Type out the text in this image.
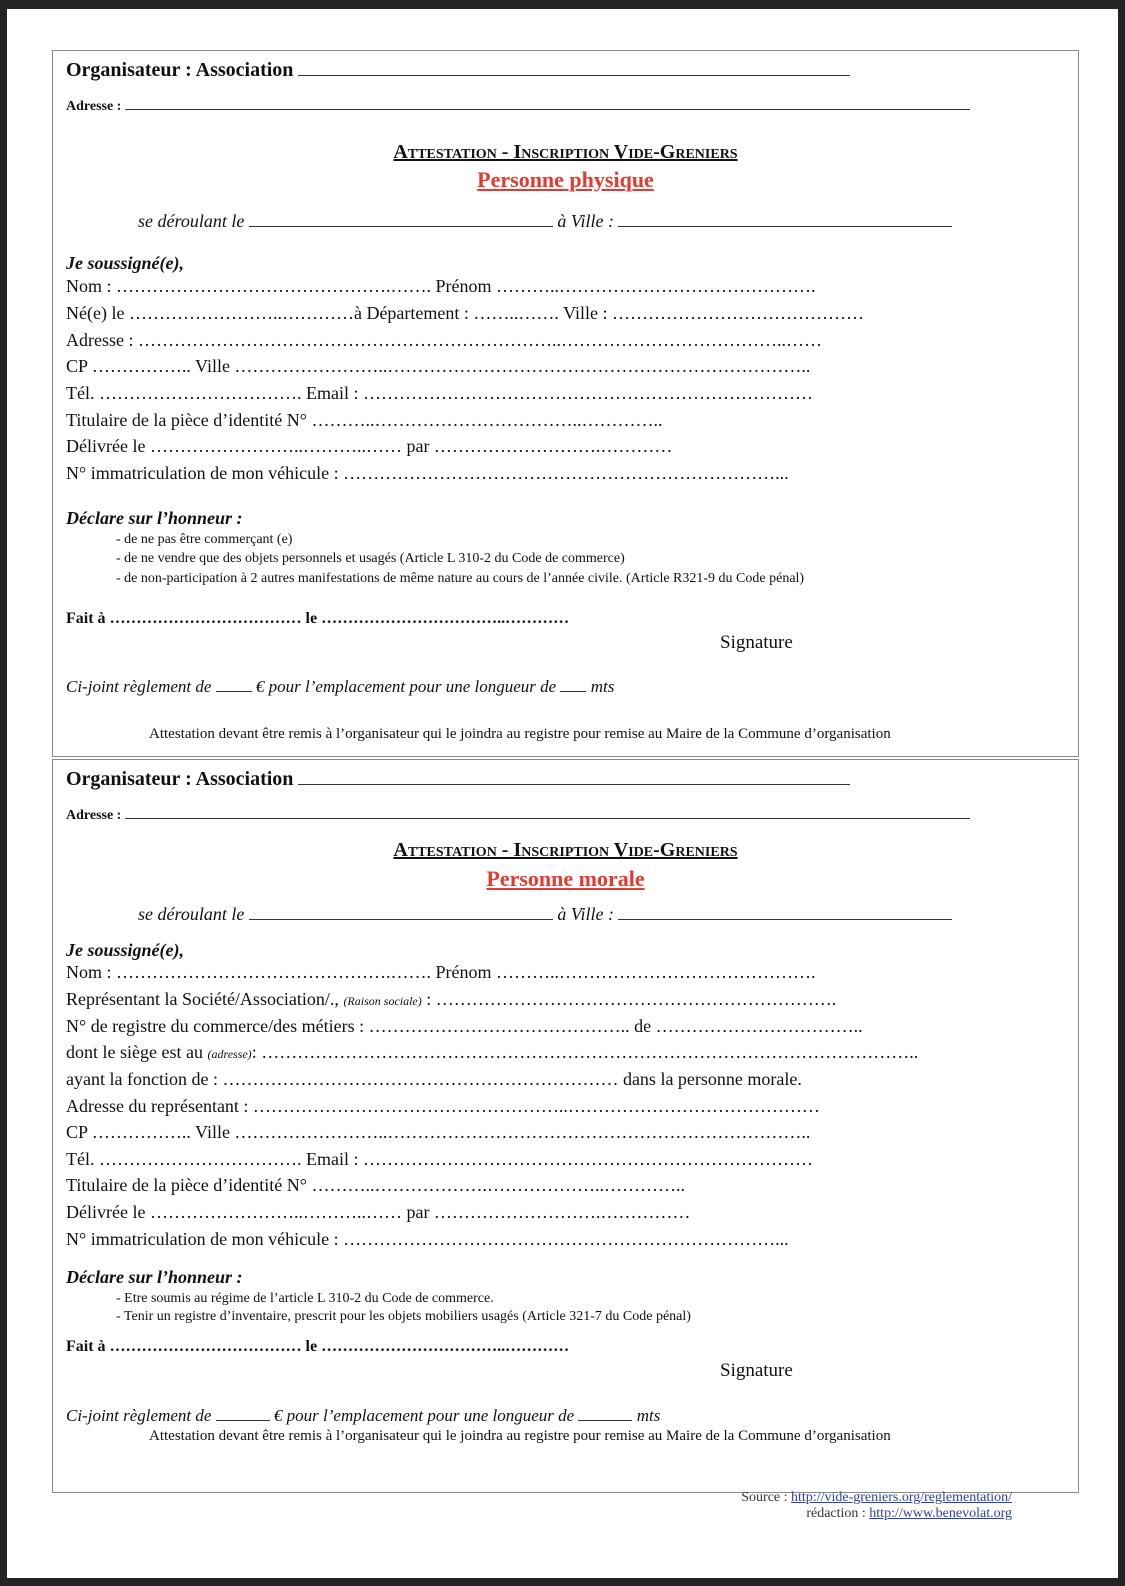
Organisateur : Association
Adresse :
Attestation - Inscription Vide-Greniers
Personne physique
se déroulant le	à Ville :
Je soussigné(e),
Nom : ……………………………………….……. Prénom ………..…………………………………….
Né(e) le ……………………..…………à Département : ……..……. Ville : ……………………………………
Adresse : ……………………………………………………………..………………………………..……
CP …………….. Ville ……………………..……………………………………………………………..
Tél. ……………………………. Email : …………………………………………………………………
Titulaire de la pièce d’identité N° ………..……………………………..…………..
Délivrée le ……………………..………..…… par ……………………….…………
N° immatriculation de mon véhicule : ………………………………………………………………...
Déclare sur l’honneur :
- de ne pas être commerçant (e)
- de ne vendre que des objets personnels et usagés (Article L 310-2 du Code de commerce)
- de non-participation à 2 autres manifestations de même nature au cours de l’année civile. (Article R321-9 du Code pénal)
Fait à ……………………………… le ……………………………..…………
Signature
Ci-joint règlement de	€ pour l’emplacement pour une longueur de mts
Attestation devant être remis à l’organisateur qui le joindra au registre pour remise au Maire de la Commune d’organisation
Organisateur : Association
Adresse :
Attestation - Inscription Vide-Greniers
Personne morale
se déroulant le	à Ville :
Je soussigné(e),
Nom : ……………………………………….……. Prénom ………..…………………………………….
Représentant la Société/Association/., (Raison sociale) : ………………………………………………………….
N° de registre du commerce/des métiers : …………………………………….. de ……………………………..
dont le siège est au (adresse): ………………………………………………………………………………………………..
ayant la fonction de : ………………………………………………………… dans la personne morale.
Adresse du représentant : ……………………………………………..……………………………………
CP …………….. Ville ……………………..……………………………………………………………..
Tél. ……………………………. Email : …………………………………………………………………
Titulaire de la pièce d’identité N° ………..……………….………………..…………..
Délivrée le ……………………..………..…… par ……………………….……………
N° immatriculation de mon véhicule : ………………………………………………………………...
Déclare sur l’honneur :
- Etre soumis au régime de l’article L 310-2 du Code de commerce.
- Tenir un registre d’inventaire, prescrit pour les objets mobiliers usagés (Article 321-7 du Code pénal)
Fait à ……………………………… le ……………………………..…………
Signature
Ci-joint règlement de	€ pour l’emplacement pour une longueur de	mts
Attestation devant être remis à l’organisateur qui le joindra au registre pour remise au Maire de la Commune d’organisation
Source : http://vide-greniers.org/reglementation/
rédaction : http://www.benevolat.org
